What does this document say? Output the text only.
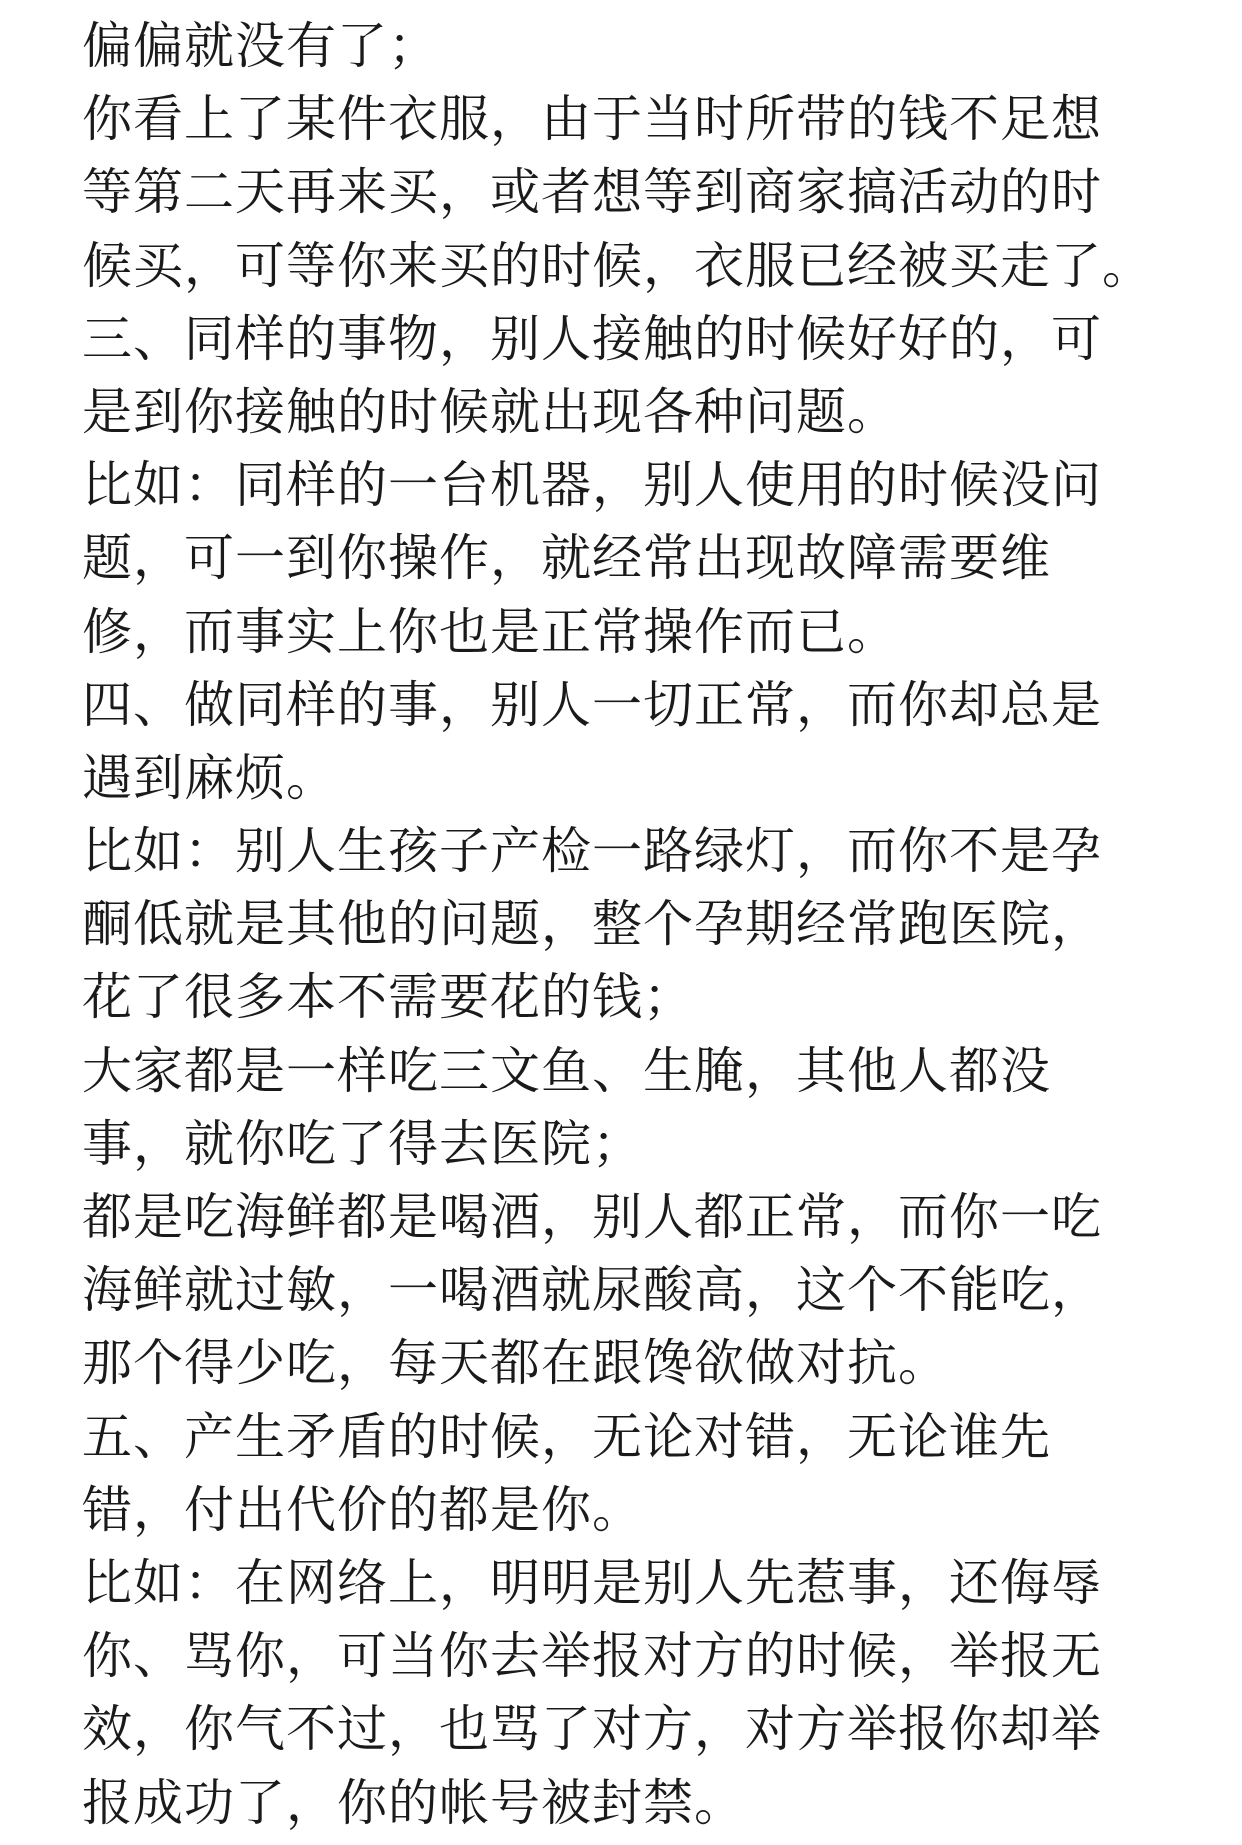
偏偏就没有了；
你看上了某件衣服，由于当时所带的钱不足想
等第二天再来买，或者想等到商家搞活动的时
候买，可等你来买的时候，衣服已经被买走了。
三、同样的事物，别人接触的时候好好的，可
是到你接触的时候就出现各种问题。
比如：同样的一台机器，别人使用的时候没问
题，可一到你操作，就经常出现故障需要维
修，而事实上你也是正常操作而已。
四、做同样的事，别人一切正常，而你却总是
遇到麻烦。
比如：别人生孩子产检一路绿灯，而你不是孕
酮低就是其他的问题，整个孕期经常跑医院，
花了很多本不需要花的钱；
大家都是一样吃三文鱼、生腌，其他人都没
事，就你吃了得去医院；
都是吃海鲜都是喝酒，别人都正常，而你一吃
海鲜就过敏，一喝酒就尿酸高，这个不能吃，
那个得少吃，每天都在跟馋欲做对抗。
五、产生矛盾的时候，无论对错，无论谁先
错，付出代价的都是你。
比如：在网络上，明明是别人先惹事，还侮辱
你、骂你，可当你去举报对方的时候，举报无
效，你气不过，也骂了对方，对方举报你却举
报成功了，你的帐号被封禁。
